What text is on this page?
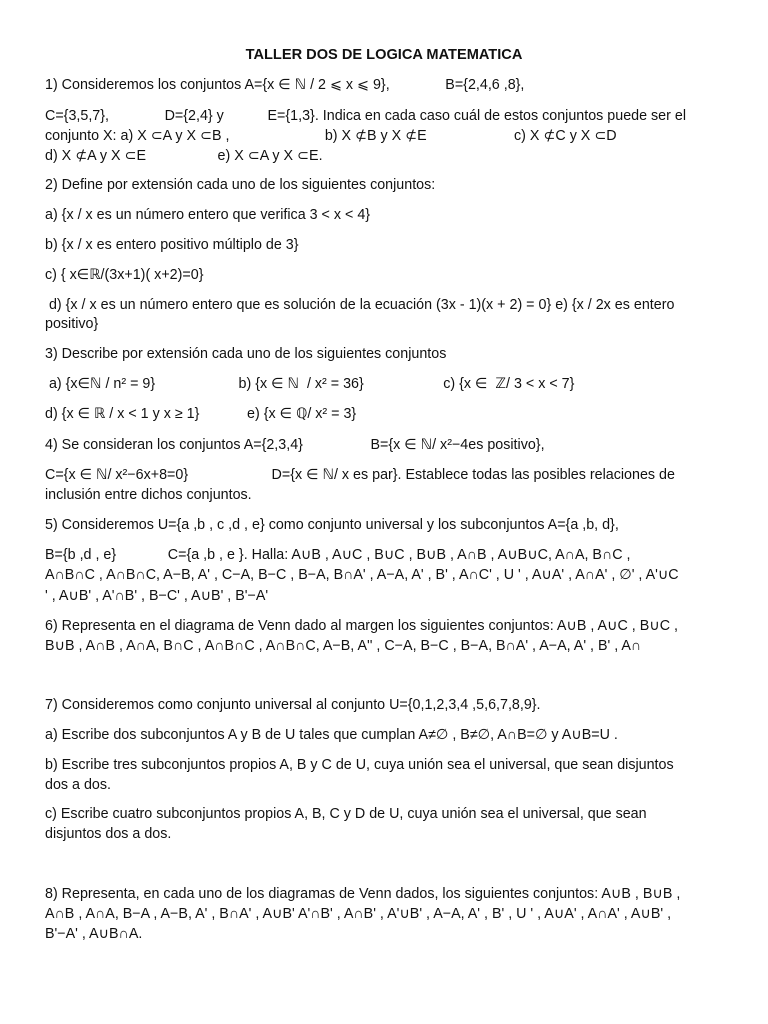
TALLER DOS DE LOGICA MATEMATICA
1) Consideremos los conjuntos A={x ∈ ℕ / 2 ⩽ x ⩽ 9},              B={2,4,6 ,8},
C={3,5,7},              D={2,4} y           E={1,3}. Indica en cada caso cuál de estos conjuntos puede ser el
conjunto X: a) X ⊂A y X ⊂B ,                        b) X ⊄B y X ⊄E                      c) X ⊄C y X ⊂D
d) X ⊄A y X ⊂E                  e) X ⊂A y X ⊂E.
2) Define por extensión cada uno de los siguientes conjuntos:
a) {x / x es un número entero que verifica 3 < x < 4}
b) {x / x es entero positivo múltiplo de 3}
c) { x∈ℝ/(3x+1)( x+2)=0}
d) {x / x es un número entero que es solución de la ecuación (3x - 1)(x + 2) = 0} e) {x / 2x es entero
positivo}
3) Describe por extensión cada uno de los siguientes conjuntos
a) {x∈ℕ / n² = 9}                     b) {x ∈ ℕ  / x² = 36}                    c) {x ∈  ℤ/ 3 < x < 7}
d) {x ∈ ℝ / x < 1 y x ≥ 1}            e) {x ∈ ℚ/ x² = 3}
4) Se consideran los conjuntos A={2,3,4}                 B={x ∈ ℕ/ x²−4es positivo},
C={x ∈ ℕ/ x²−6x+8=0}                     D={x ∈ ℕ/ x es par}. Establece todas las posibles relaciones de
inclusión entre dichos conjuntos.
5) Consideremos U={a ,b , c ,d , e} como conjunto universal y los subconjuntos A={a ,b, d},
B={b ,d , e}             C={a ,b , e }. Halla: A∪B , A∪C , B∪C , B∪B , A∩B , A∪B∪C, A∩A, B∩C ,
A∩B∩C , A∩B∩C, A−B, A' , C−A, B−C , B−A, B∩A' , A−A, A' , B' , A∩C' , U ' , A∪A' , A∩A' , ∅' , A'∪C
' , A∪B' , A'∩B' , B−C' , A∪B' , B'−A'
6) Representa en el diagrama de Venn dado al margen los siguientes conjuntos: A∪B , A∪C , B∪C ,
B∪B , A∩B , A∩A, B∩C , A∩B∩C , A∩B∩C, A−B, A'' , C−A, B−C , B−A, B∩A' , A−A, A' , B' , A∩
7) Consideremos como conjunto universal al conjunto U={0,1,2,3,4 ,5,6,7,8,9}.
a) Escribe dos subconjuntos A y B de U tales que cumplan A≠∅ , B≠∅, A∩B=∅ y A∪B=U .
b) Escribe tres subconjuntos propios A, B y C de U, cuya unión sea el universal, que sean disjuntos
dos a dos.
c) Escribe cuatro subconjuntos propios A, B, C y D de U, cuya unión sea el universal, que sean
disjuntos dos a dos.
8) Representa, en cada uno de los diagramas de Venn dados, los siguientes conjuntos: A∪B , B∪B ,
A∩B , A∩A, B−A , A−B, A' , B∩A' , A∪B' A'∩B' , A∩B' , A'∪B' , A−A, A' , B' , U ' , A∪A' , A∩A' , A∪B' ,
B'−A' , A∪B∩A.
